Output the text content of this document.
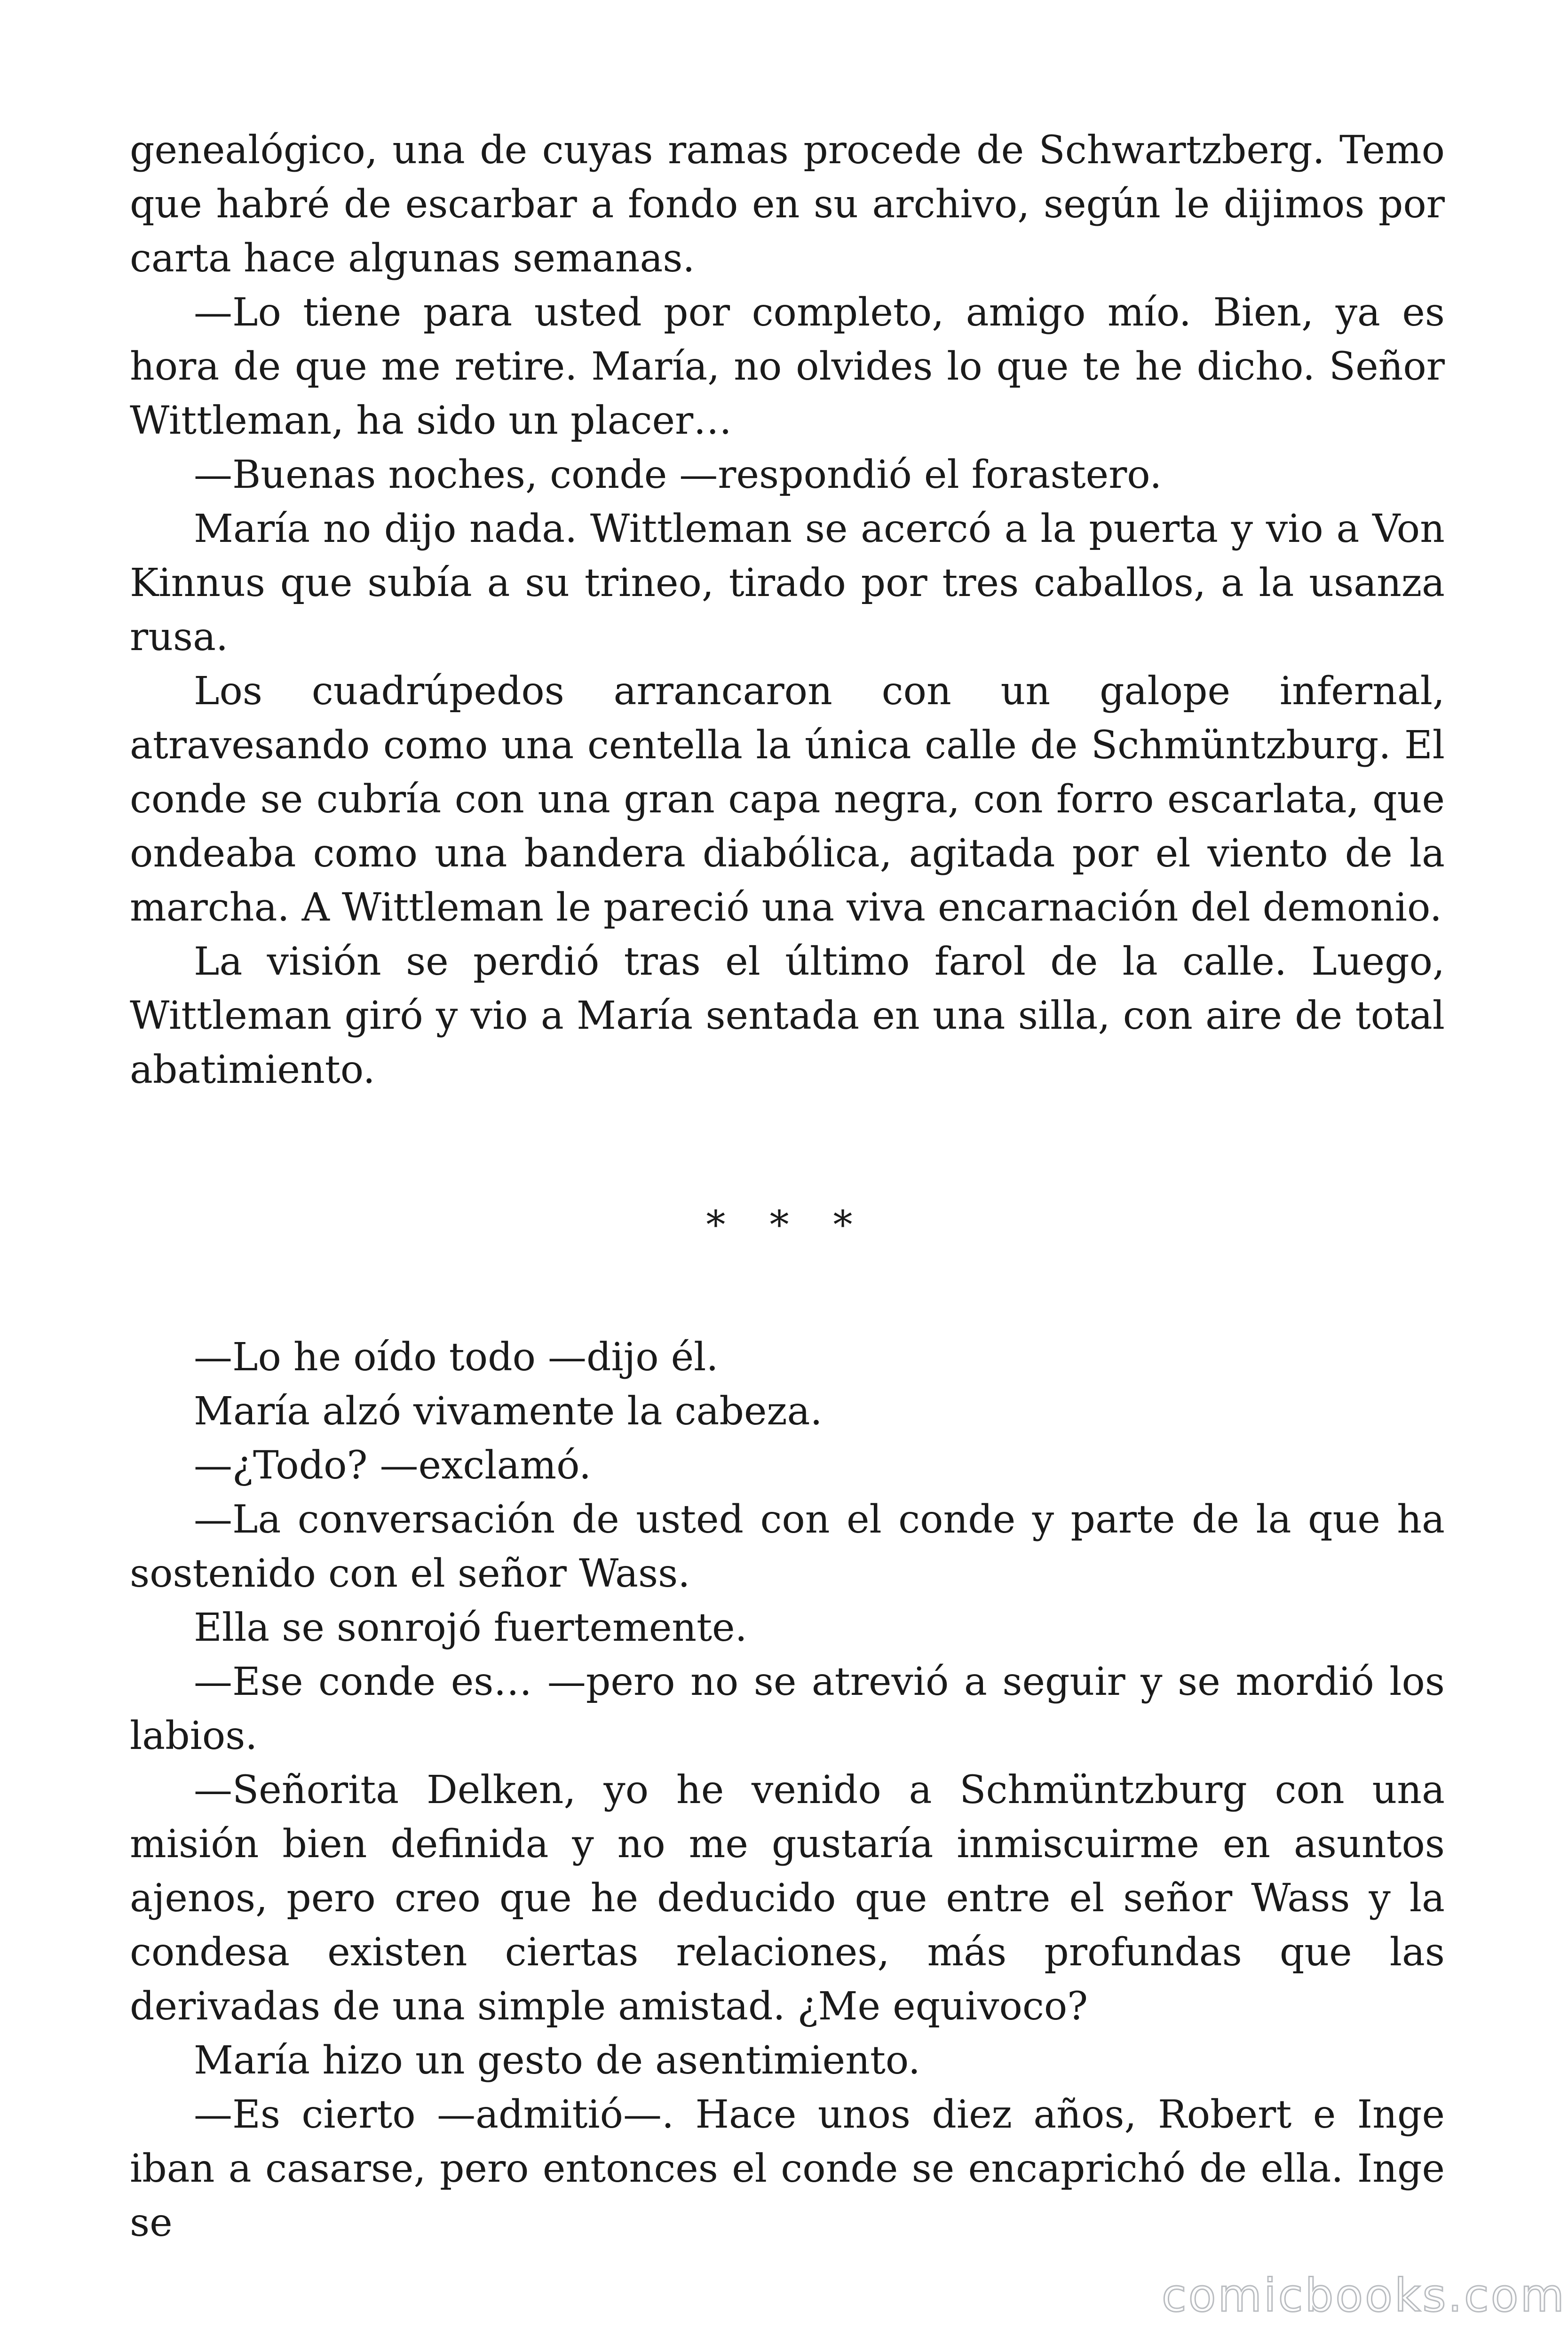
genealógico, una de cuyas ramas procede de Schwartzberg. Temo que habré de escarbar a fondo en su archivo, según le dijimos por carta hace algunas semanas.

—Lo tiene para usted por completo, amigo mío. Bien, ya es hora de que me retire. María, no olvides lo que te he dicho. Señor Wittleman, ha sido un placer…

—Buenas noches, conde —respondió el forastero.

María no dijo nada. Wittleman se acercó a la puerta y vio a Von Kinnus que subía a su trineo, tirado por tres caballos, a la usanza rusa.

Los cuadrúpedos arrancaron con un galope infernal, atravesando como una centella la única calle de Schmüntzburg. El conde se cubría con una gran capa negra, con forro escarlata, que ondeaba como una bandera diabólica, agitada por el viento de la marcha. A Wittleman le pareció una viva encarnación del demonio.

La visión se perdió tras el último farol de la calle. Luego, Wittleman giró y vio a María sentada en una silla, con aire de total abatimiento.

* * *

—Lo he oído todo —dijo él.

María alzó vivamente la cabeza.

—¿Todo? —exclamó.

—La conversación de usted con el conde y parte de la que ha sostenido con el señor Wass.

Ella se sonrojó fuertemente.

—Ese conde es… —pero no se atrevió a seguir y se mordió los labios.

—Señorita Delken, yo he venido a Schmüntzburg con una misión bien definida y no me gustaría inmiscuirme en asuntos ajenos, pero creo que he deducido que entre el señor Wass y la condesa existen ciertas relaciones, más profundas que las derivadas de una simple amistad. ¿Me equivoco?

María hizo un gesto de asentimiento.

—Es cierto —admitió—. Hace unos diez años, Robert e Inge iban a casarse, pero entonces el conde se encaprichó de ella. Inge se

comicbooks.com
